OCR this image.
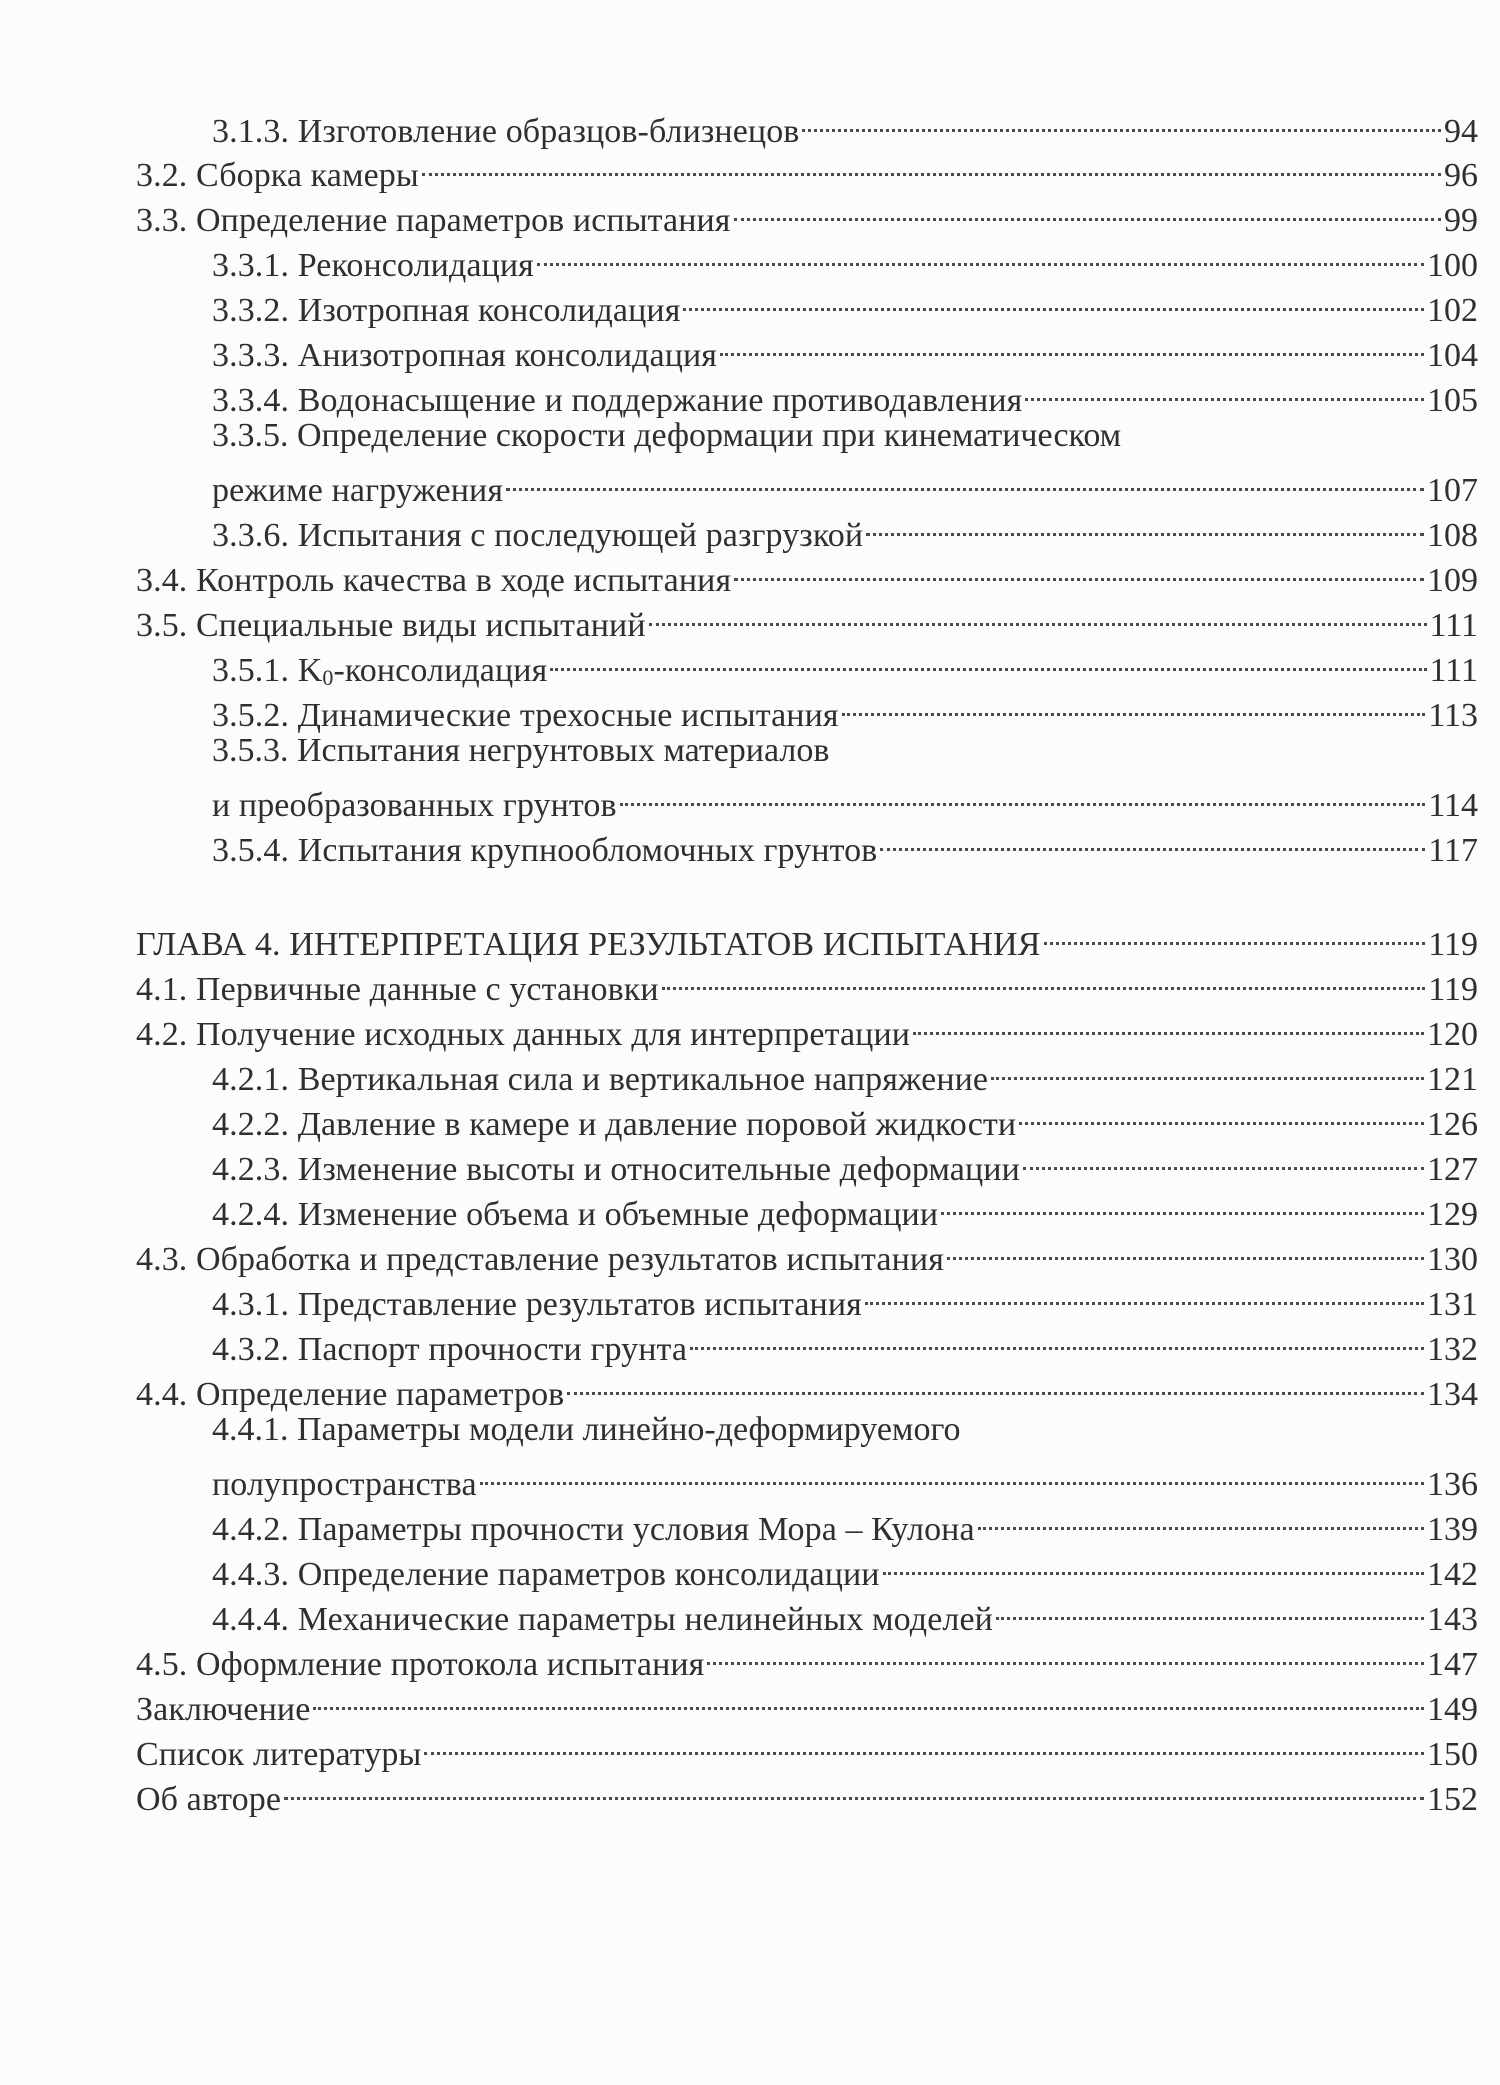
3.1.3. Изготовление образцов-близнецов	94
3.2. Сборка камеры	96
3.3. Определение параметров испытания	99
3.3.1. Реконсолидация	100
3.3.2. Изотропная консолидация	102
3.3.3. Анизотропная консолидация	104
3.3.4. Водонасыщение и поддержание противодавления	105
3.3.5. Определение скорости деформации при кинематическом
режиме нагружения	107
3.3.6. Испытания с последующей разгрузкой	108
3.4. Контроль качества в ходе испытания	109
3.5. Специальные виды испытаний	111
3.5.1. $K_0$-консолидация	111
3.5.2. Динамические трехосные испытания	113
3.5.3. Испытания негрунтовых материалов
и преобразованных грунтов	114
3.5.4. Испытания крупнообломочных грунтов	117
ГЛАВА 4. ИНТЕРПРЕТАЦИЯ РЕЗУЛЬТАТОВ ИСПЫТАНИЯ	119
4.1. Первичные данные с установки	119
4.2. Получение исходных данных для интерпретации	120
4.2.1. Вертикальная сила и вертикальное напряжение	121
4.2.2. Давление в камере и давление поровой жидкости	126
4.2.3. Изменение высоты и относительные деформации	127
4.2.4. Изменение объема и объемные деформации	129
4.3. Обработка и представление результатов испытания	130
4.3.1. Представление результатов испытания	131
4.3.2. Паспорт прочности грунта	132
4.4. Определение параметров	134
4.4.1. Параметры модели линейно-деформируемого
полупространства	136
4.4.2. Параметры прочности условия Мора – Кулона	139
4.4.3. Определение параметров консолидации	142
4.4.4. Механические параметры нелинейных моделей	143
4.5. Оформление протокола испытания	147
Заключение	149
Список литературы	150
Об авторе	152
